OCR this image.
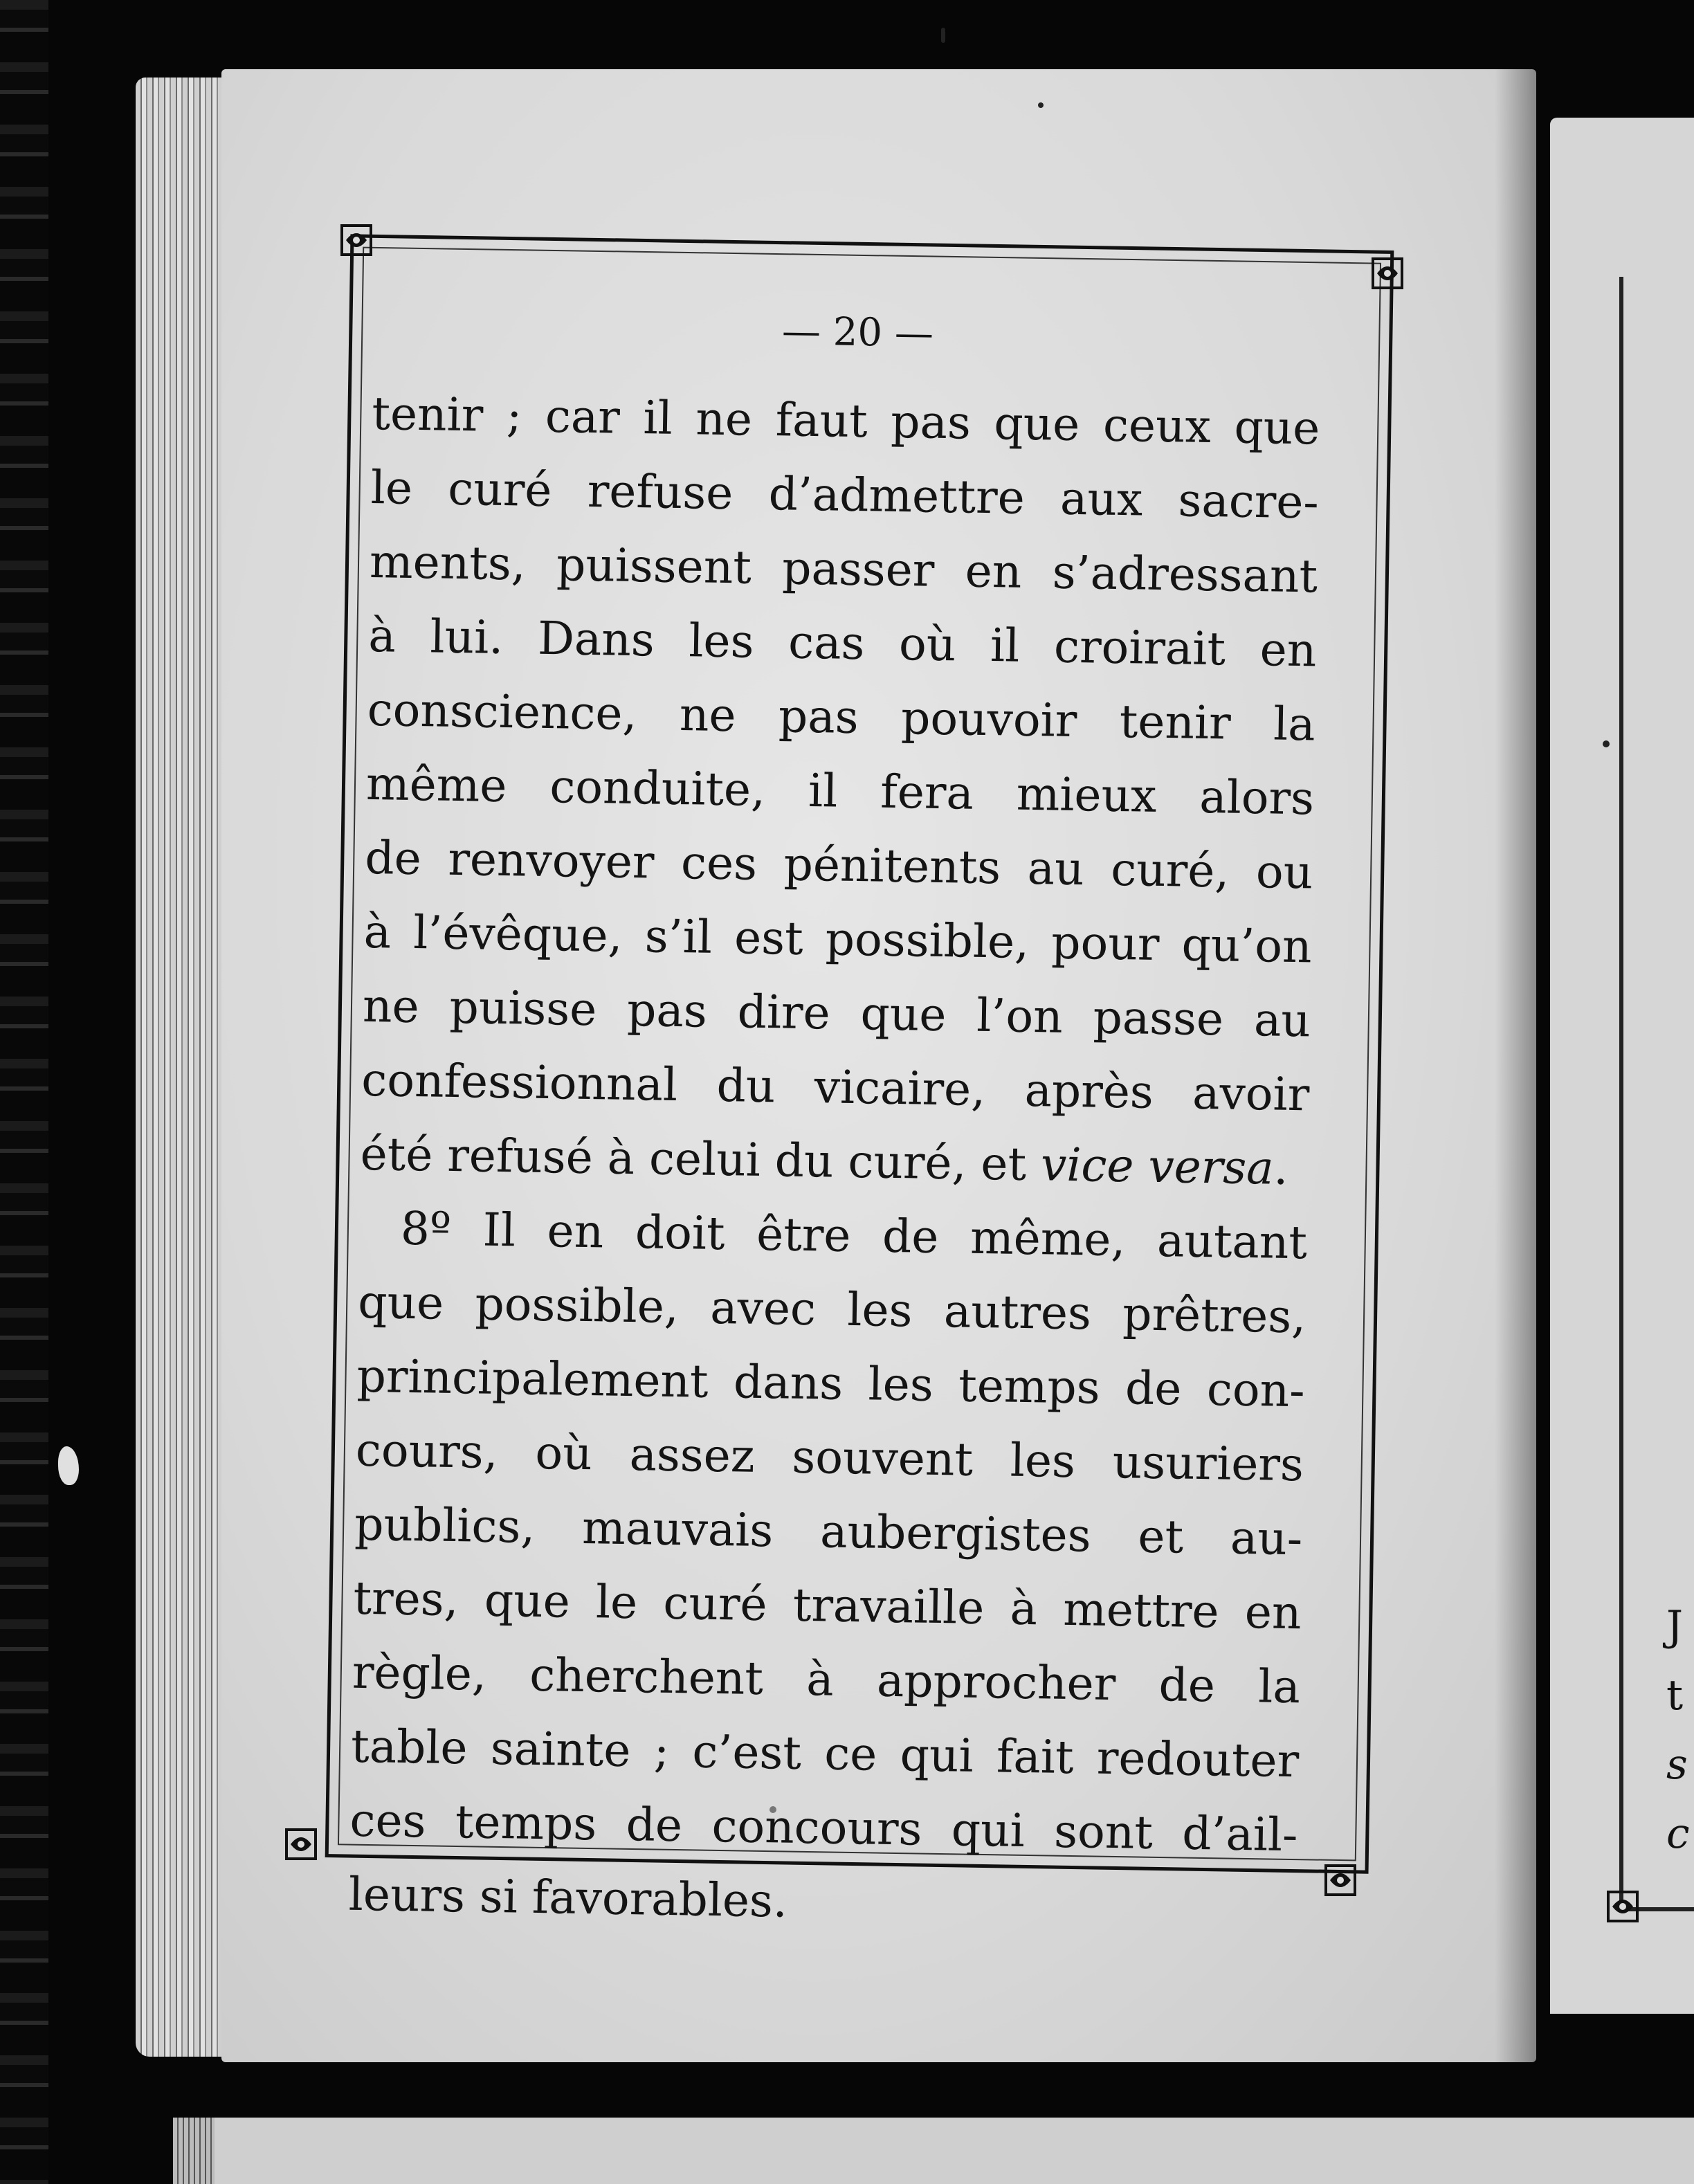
J
t
s
c
— 20 —
tenir ; car il ne faut pas que ceux que
le curé refuse d’admettre aux sacre-
ments, puissent passer en s’adressant
à lui. Dans les cas où il croirait en
conscience, ne pas pouvoir tenir la
même conduite, il fera mieux alors
de renvoyer ces pénitents au curé, ou
à l’évêque, s’il est possible, pour qu’on
ne puisse pas dire que l’on passe au
confessionnal du vicaire, après avoir
été refusé à celui du curé, et vice versa.
8º Il en doit être de même, autant
que possible, avec les autres prêtres,
principalement dans les temps de con-
cours, où assez souvent les usuriers
publics, mauvais aubergistes et au-
tres, que le curé travaille à mettre en
règle, cherchent à approcher de la
table sainte ; c’est ce qui fait redouter
ces temps de concours qui sont d’ail-
leurs si favorables.
